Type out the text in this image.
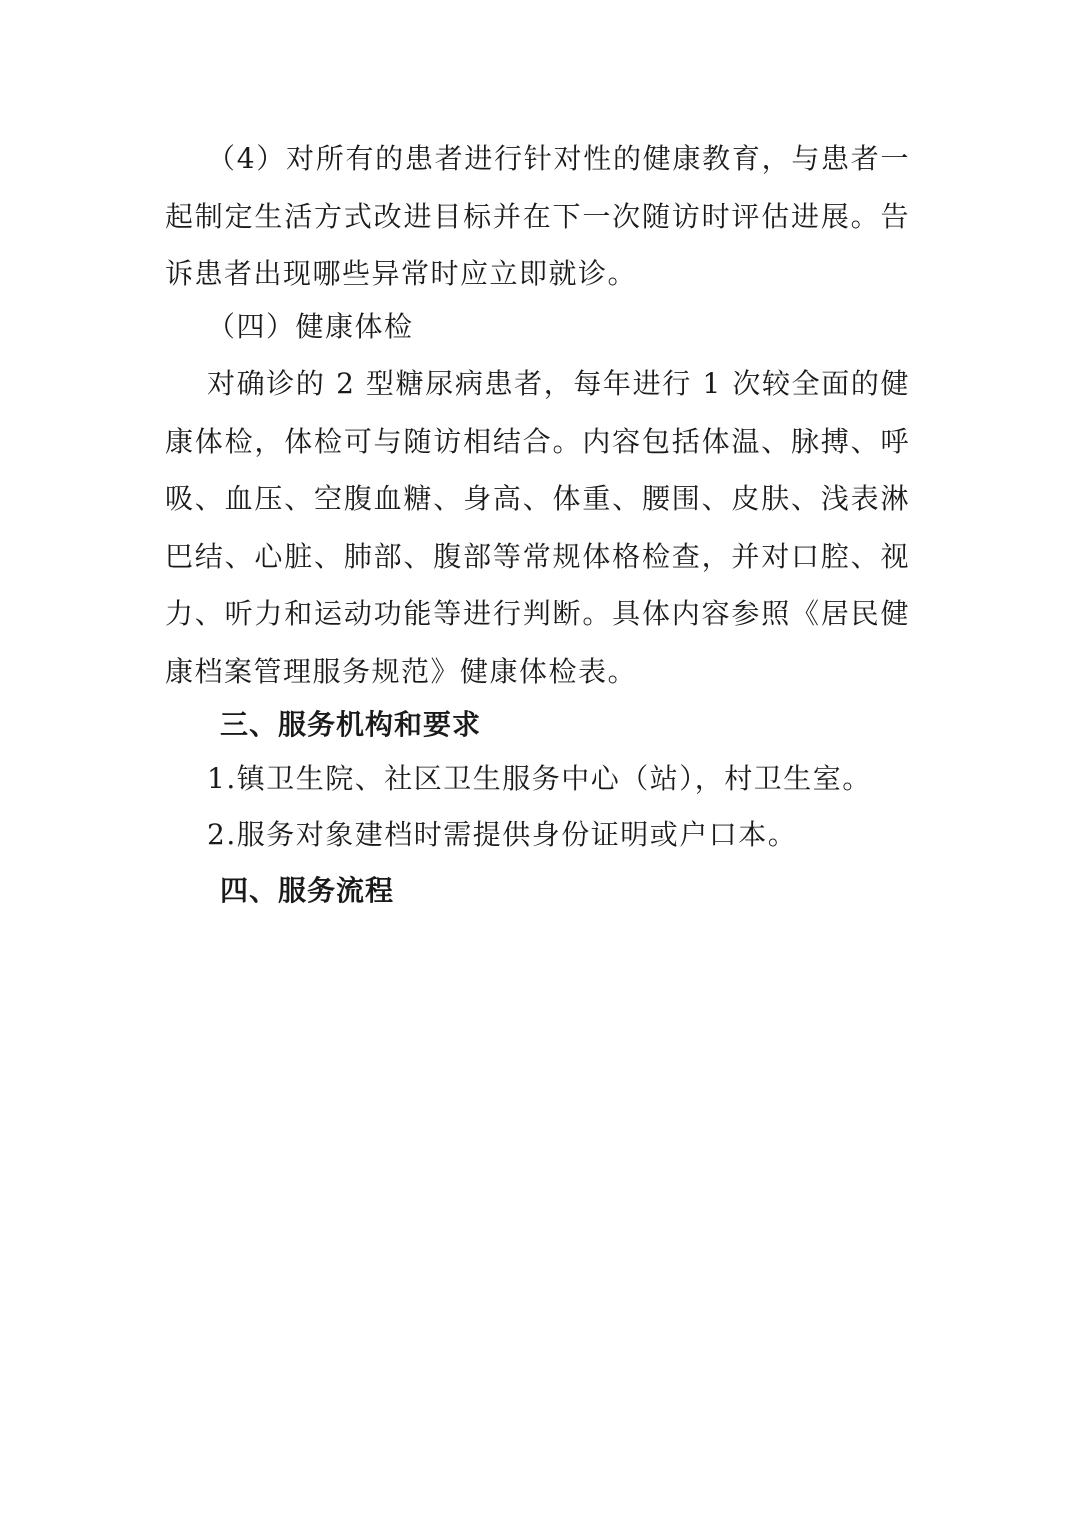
（4）对所有的患者进行针对性的健康教育，与患者一起制定生活方式改进目标并在下一次随访时评估进展。告诉患者出现哪些异常时应立即就诊。

（四）健康体检

对确诊的 2 型糖尿病患者，每年进行 1 次较全面的健康体检，体检可与随访相结合。内容包括体温、脉搏、呼吸、血压、空腹血糖、身高、体重、腰围、皮肤、浅表淋巴结、心脏、肺部、腹部等常规体格检查，并对口腔、视力、听力和运动功能等进行判断。具体内容参照《居民健康档案管理服务规范》健康体检表。

三、服务机构和要求

1.镇卫生院、社区卫生服务中心（站），村卫生室。

2.服务对象建档时需提供身份证明或户口本。

四、服务流程
